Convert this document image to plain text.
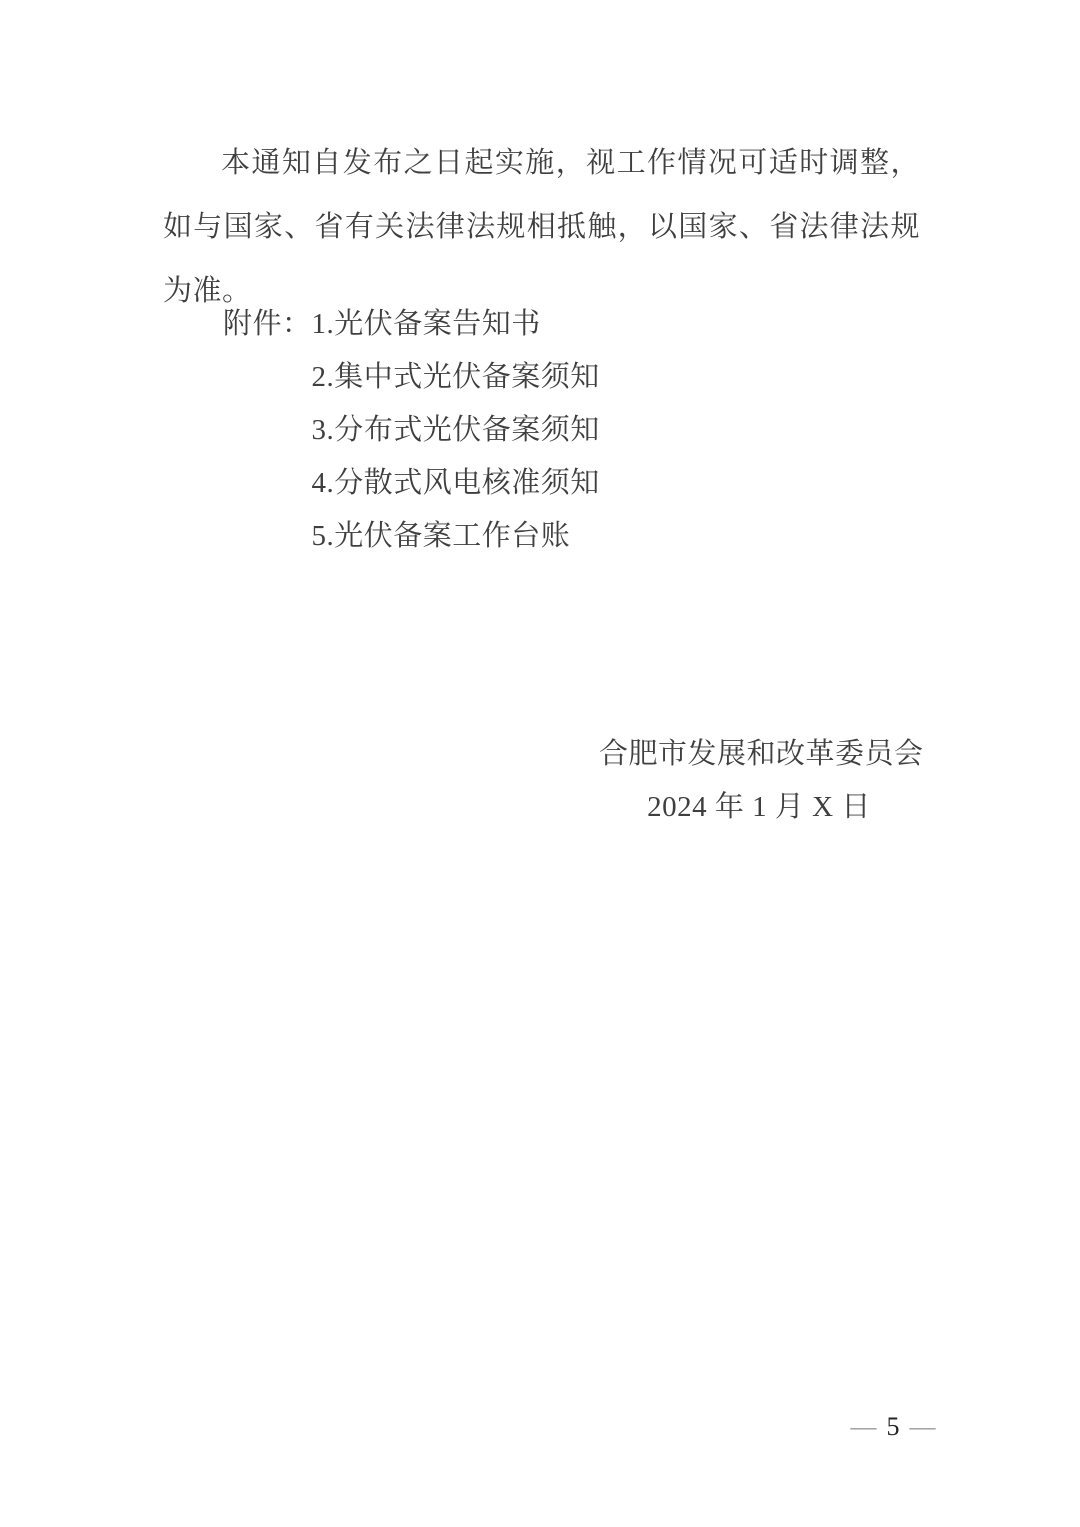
本通知自发布之日起实施，视工作情况可适时调整，如与国家、省有关法律法规相抵触，以国家、省法律法规为准。

附件： 1.光伏备案告知书
2.集中式光伏备案须知
3.分布式光伏备案须知
4.分散式风电核准须知
5.光伏备案工作台账
合肥市发展和改革委员会
2024 年 1 月 X 日
— 5 —
